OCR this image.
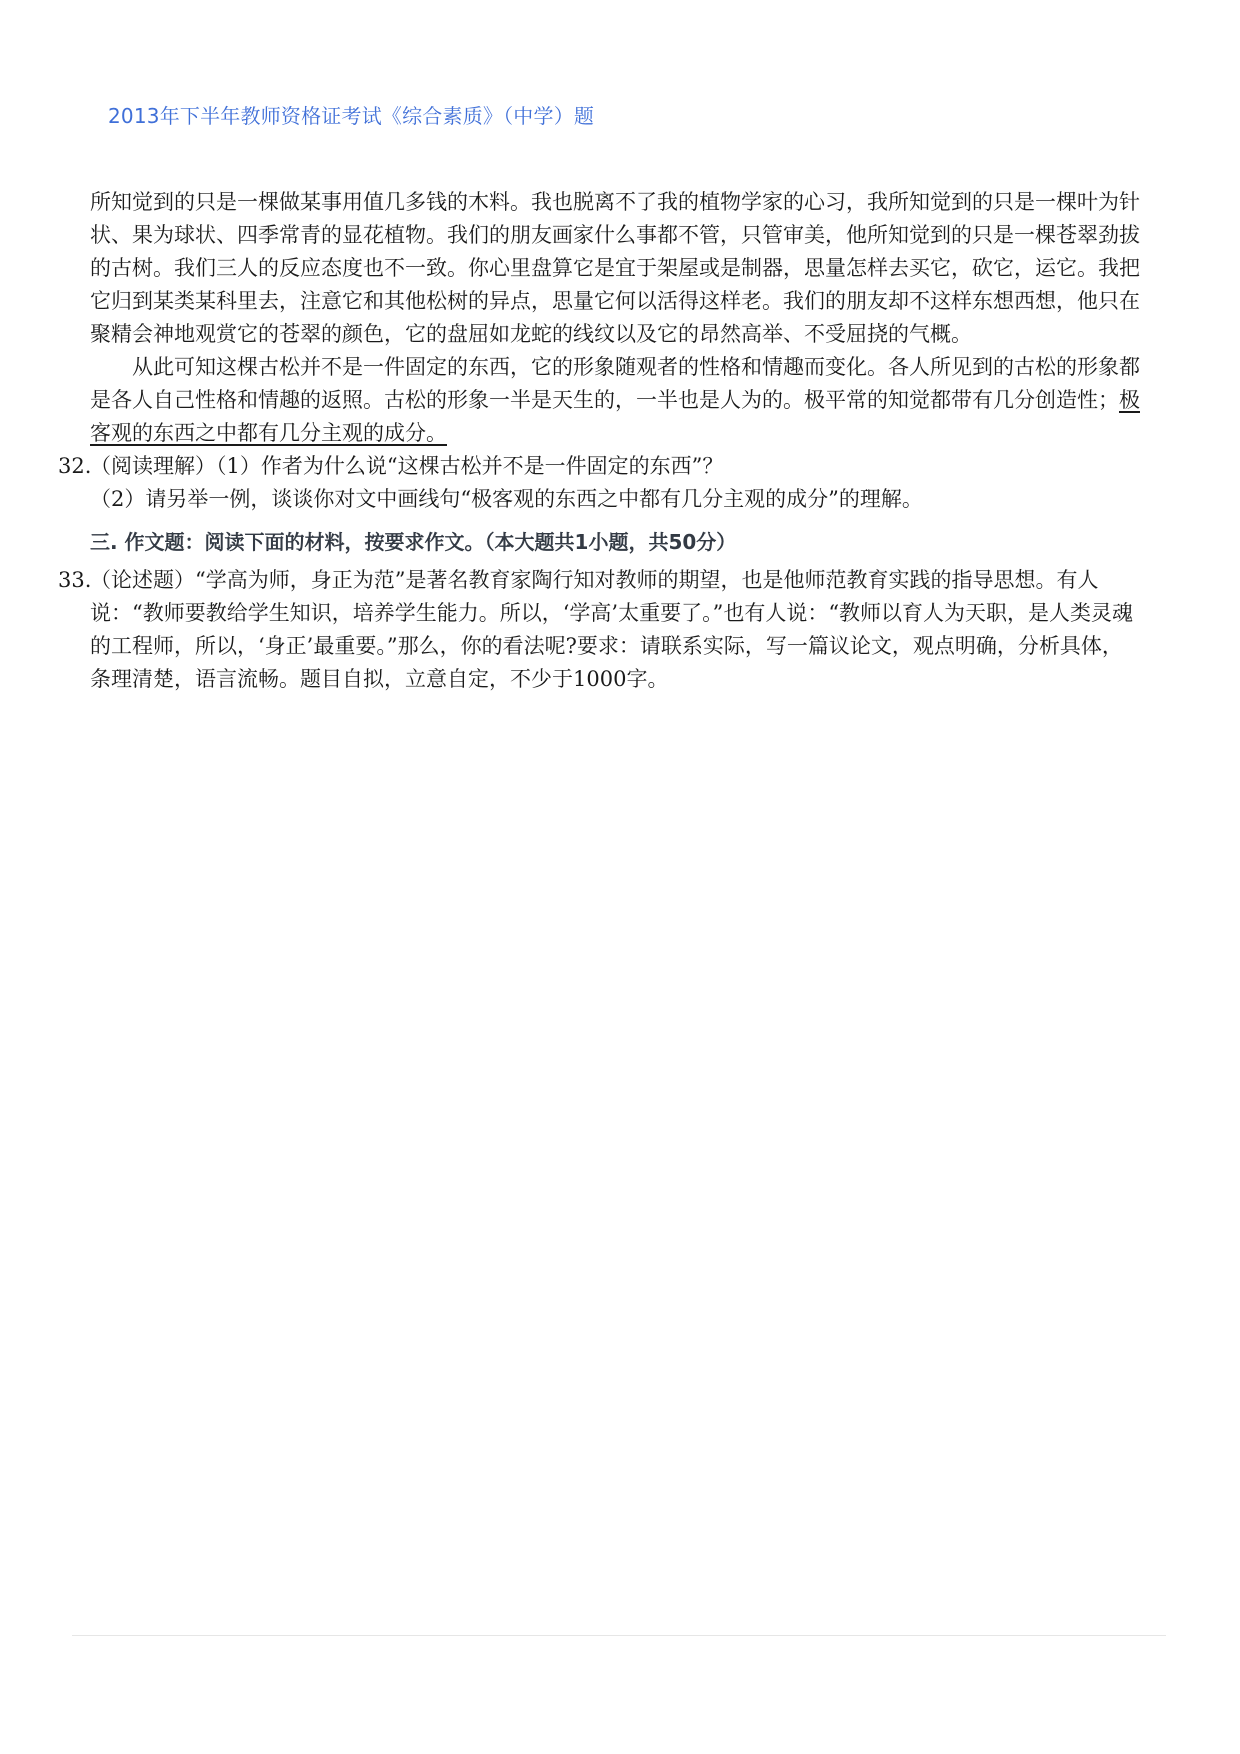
2013年下半年教师资格证考试《综合素质》（中学）题

所知觉到的只是一棵做某事用值几多钱的木料。我也脱离不了我的植物学家的心习，我所知觉到的只是一棵叶为针状、果为球状、四季常青的显花植物。我们的朋友画家什么事都不管，只管审美，他所知觉到的只是一棵苍翠劲拔的古树。我们三人的反应态度也不一致。你心里盘算它是宜于架屋或是制器，思量怎样去买它，砍它，运它。我把它归到某类某科里去，注意它和其他松树的异点，思量它何以活得这样老。我们的朋友却不这样东想西想，他只在聚精会神地观赏它的苍翠的颜色，它的盘屈如龙蛇的线纹以及它的昂然高举、不受屈挠的气概。

从此可知这棵古松并不是一件固定的东西，它的形象随观者的性格和情趣而变化。各人所见到的古松的形象都是各人自己性格和情趣的返照。古松的形象一半是天生的，一半也是人为的。极平常的知觉都带有几分创造性；极客观的东西之中都有几分主观的成分。

32.

（阅读理解）（1）作者为什么说“这棵古松并不是一件固定的东西”？

（2）请另举一例，谈谈你对文中画线句“极客观的东西之中都有几分主观的成分”的理解。

三. 作文题：阅读下面的材料，按要求作文。（本大题共1小题，共50分）
33.

（论述题）“学高为师，身正为范”是著名教育家陶行知对教师的期望，也是他师范教育实践的指导思想。有人说：“教师要教给学生知识，培养学生能力。所以，‘学高’太重要了。”也有人说：“教师以育人为天职，是人类灵魂的工程师，所以，‘身正’最重要。”那么，你的看法呢?要求：请联系实际，写一篇议论文，观点明确，分析具体，条理清楚，语言流畅。题目自拟，立意自定，不少于1000字。
